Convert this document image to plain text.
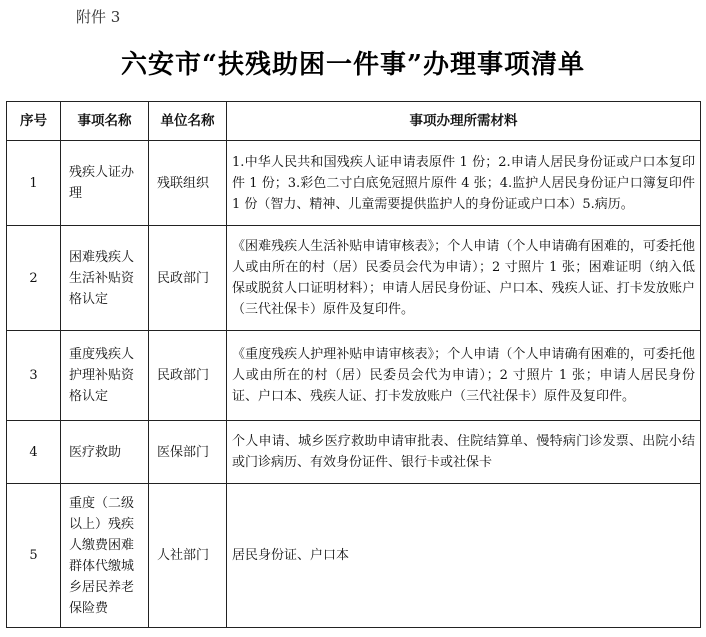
附件 3
六安市“扶残助困一件事”办理事项清单
序号	事项名称	单位名称	事项办理所需材料
1	残疾人证办理	残联组织	1.中华人民共和国残疾人证申请表原件 1 份；2.申请人居民身份证或户口本复印件 1 份；3.彩色二寸白底免冠照片原件 4 张；4.监护人居民身份证户口簿复印件 1 份（智力、精神、儿童需要提供监护人的身份证或户口本）5.病历。
2	困难残疾人生活补贴资格认定	民政部门	《困难残疾人生活补贴申请审核表》；个人申请（个人申请确有困难的，可委托他人或由所在的村（居）民委员会代为申请）；2 寸照片 1 张；困难证明（纳入低保或脱贫人口证明材料）；申请人居民身份证、户口本、残疾人证、打卡发放账户（三代社保卡）原件及复印件。
3	重度残疾人护理补贴资格认定	民政部门	《重度残疾人护理补贴申请审核表》；个人申请（个人申请确有困难的，可委托他人或由所在的村（居）民委员会代为申请）；2 寸照片 1 张；申请人居民身份证、户口本、残疾人证、打卡发放账户（三代社保卡）原件及复印件。
4	医疗救助	医保部门	个人申请、城乡医疗救助申请审批表、住院结算单、慢特病门诊发票、出院小结或门诊病历、有效身份证件、银行卡或社保卡
5	重度（二级以上）残疾人缴费困难群体代缴城乡居民养老保险费	人社部门	居民身份证、户口本
